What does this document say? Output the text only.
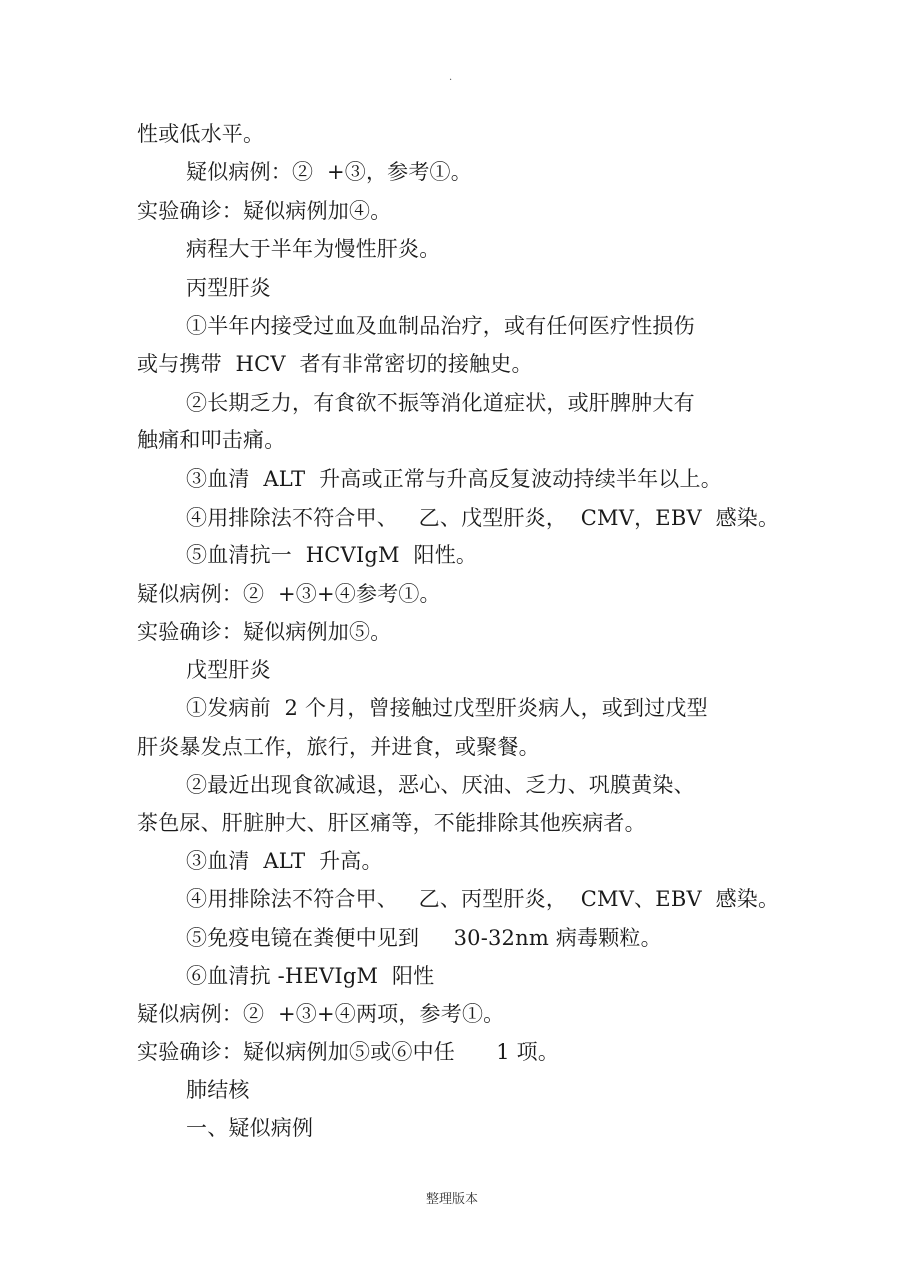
.
性或低水平。
疑似病例：②  +③，参考①。
实验确诊：疑似病例加④。
病程大于半年为慢性肝炎。
丙型肝炎
①半年内接受过血及血制品治疗，或有任何医疗性损伤
或与携带  HCV  者有非常密切的接触史。
②长期乏力，有食欲不振等消化道症状，或肝脾肿大有
触痛和叩击痛。
③血清  ALT  升高或正常与升高反复波动持续半年以上。
④用排除法不符合甲、   乙、戊型肝炎，  CMV，EBV  感染。
⑤血清抗一  HCVIgM  阳性。
疑似病例：②  +③+④参考①。
实验确诊：疑似病例加⑤。
戊型肝炎
①发病前  2 个月，曾接触过戊型肝炎病人，或到过戊型
肝炎暴发点工作，旅行，并进食，或聚餐。
②最近出现食欲减退，恶心、厌油、乏力、巩膜黄染、
茶色尿、肝脏肿大、肝区痛等，不能排除其他疾病者。
③血清  ALT  升高。
④用排除法不符合甲、   乙、丙型肝炎，  CMV、EBV  感染。
⑤免疫电镜在粪便中见到     30-32nm 病毒颗粒。
⑥血清抗 -HEVIgM  阳性
疑似病例：②  +③+④两项，参考①。
实验确诊：疑似病例加⑤或⑥中任      1 项。
肺结核
一、疑似病例
整理版本
